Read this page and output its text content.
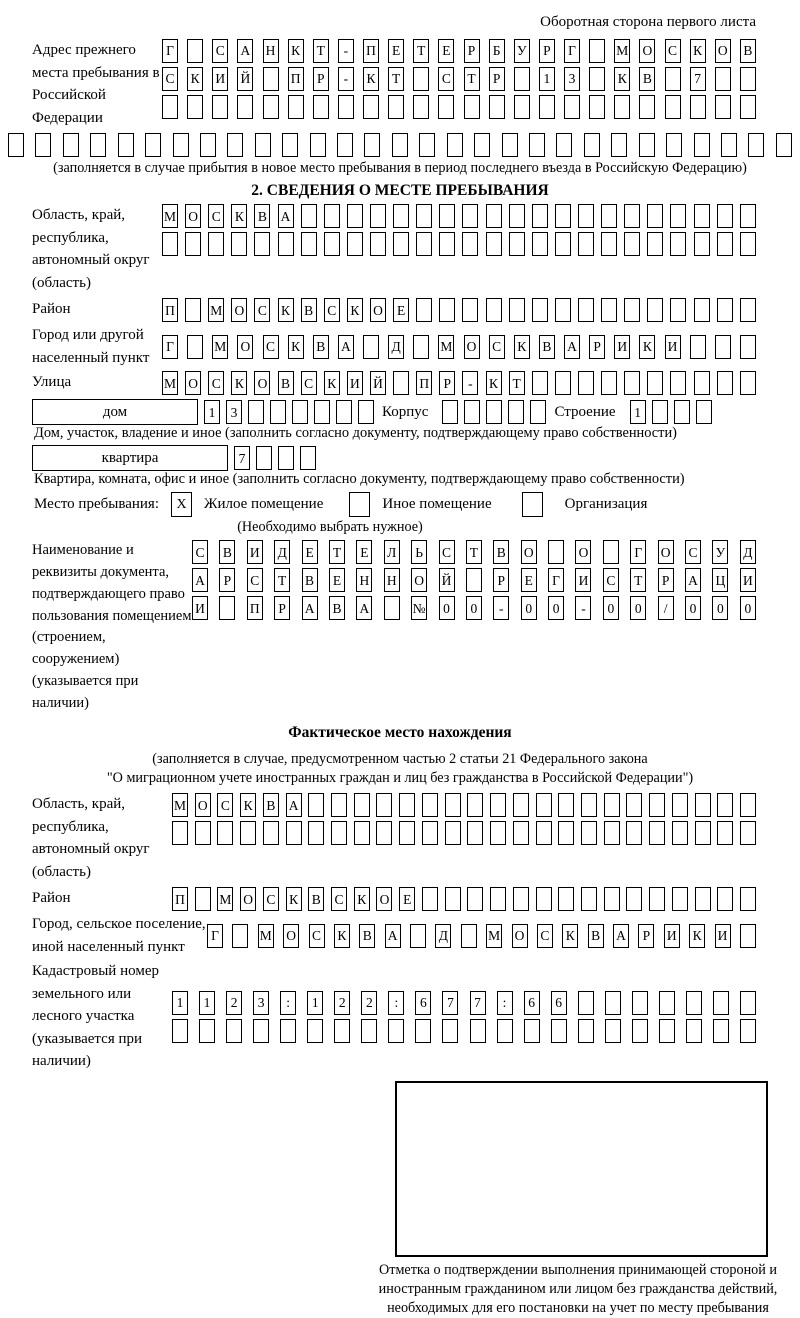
Оборотная сторона первого листа
Адрес прежнего места пребывания в Российской Федерации
Г	С А Н К Т	-	П Е Т Е	Р	Б	У	Р	Г	М О С К О В
С К И Й	П	Р	-	К Т	С Т	Р	1	3	К В	7
(заполняется в случае прибытия в новое место пребывания в период последнего въезда в Российскую Федерацию)
2. СВЕДЕНИЯ О МЕСТЕ ПРЕБЫВАНИЯ
Область, край, республика, автономный округ (область)
М О С К В А
Район	П	М О С К В С К О Е
Город или другой населенный пункт
Г	М О С К В А	Д	М О С К В А	Р	И К И
Улица	М О С К О В С К И Й	П	Р	-	К Т
дом	1	3	Корпус	Строение	1
Дом, участок, владение и иное (заполнить согласно документу, подтверждающему право собственности)
квартира	7
Квартира, комната, офис и иное (заполнить согласно документу, подтверждающему право собственности)
Место пребывания:	X	Жилое помещение	Иное помещение	Организация
(Необходимо выбрать нужное)
Наименование и реквизиты документа, подтверждающего право пользования помещением (строением, сооружением) (указывается при наличии)
С В И Д Е Т Е Л	Ь	С Т В О	О	Г	О С У Д
А	Р	С Т В Е Н Н О Й	Р	Е	Г	И С Т	Р	А Ц И
И	П	Р	А В А	№	0	0	-	0	0	-	0	0	/	0	0	0
Фактическое место нахождения
(заполняется в случае, предусмотренном частью 2 статьи 21 Федерального закона
"О миграционном учете иностранных граждан и лиц без гражданства в Российской Федерации")
Область, край, республика, автономный округ (область)
М О С К В А
Район	П	М О С К В С К О Е
Город, сельское поселение, иной населенный пункт
Г	М О С К В А	Д	М О С К В А	Р	И К И
Кадастровый номер земельного или лесного участка (указывается при наличии)
1	1	2	3	:	1	2	2	:	6	7	7	:	6	6
Отметка о подтверждении выполнения принимающей стороной и иностранным гражданином или лицом без гражданства действий, необходимых для его постановки на учет по месту пребывания
